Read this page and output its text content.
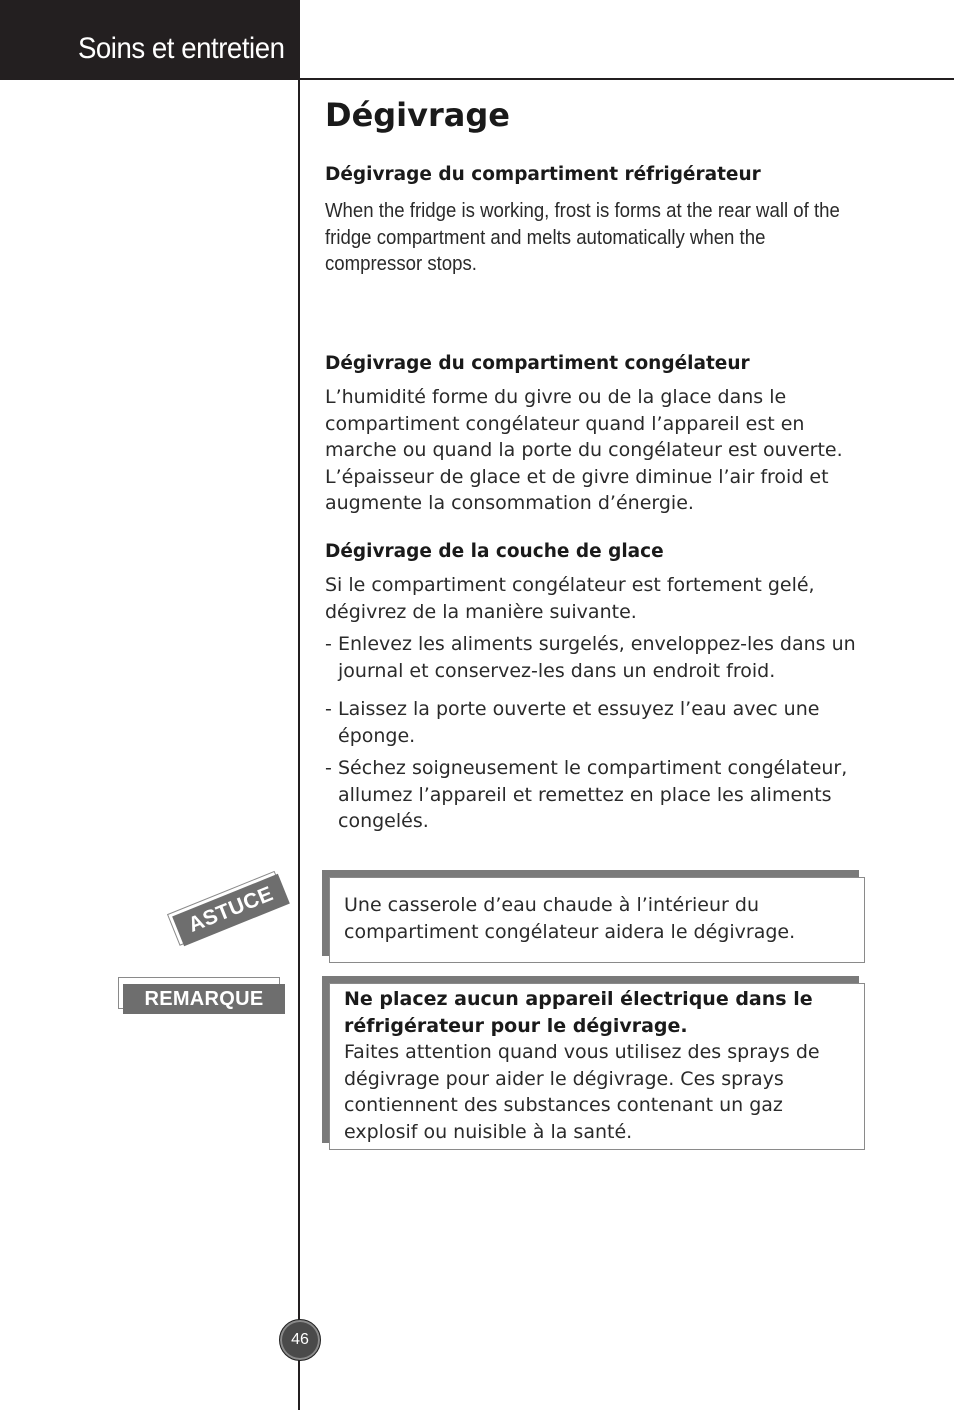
Soins et entretien
Dégivrage
Dégivrage du compartiment réfrigérateur
When the fridge is working, frost is forms at the rear wall of the fridge compartment and melts automatically when the compressor stops.
Dégivrage du compartiment congélateur
L’humidité forme du givre ou de la glace dans le compartiment congélateur quand l’appareil est en marche ou quand la porte du congélateur est ouverte. L’épaisseur de glace et de givre diminue l’air froid et augmente la consommation d’énergie.
Dégivrage de la couche de glace
Si le compartiment congélateur est fortement gelé, dégivrez de la manière suivante.
- Enlevez les aliments surgelés, enveloppez-les dans un journal et conservez-les dans un endroit froid.
- Laissez la porte ouverte et essuyez l’eau avec une éponge.
- Séchez soigneusement le compartiment congélateur, allumez l’appareil et remettez en place les aliments congelés.
ASTUCE	Une casserole d’eau chaude à l’intérieur du compartiment congélateur aidera le dégivrage.
REMARQUE	Ne placez aucun appareil électrique dans le réfrigérateur pour le dégivrage.
Faites attention quand vous utilisez des sprays de dégivrage pour aider le dégivrage. Ces sprays contiennent des substances contenant un gaz explosif ou nuisible à la santé.
46
